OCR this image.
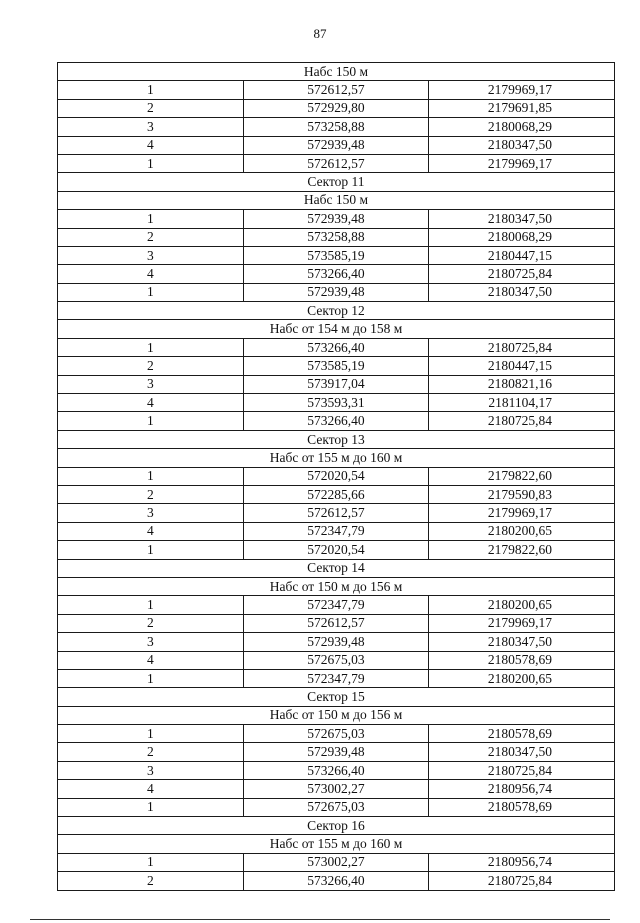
87
Набс 150 м		
1	572612,57	2179969,17
2	572929,80	2179691,85
3	573258,88	2180068,29
4	572939,48	2180347,50
1	572612,57	2179969,17
Сектор 11		
Набс 150 м		
1	572939,48	2180347,50
2	573258,88	2180068,29
3	573585,19	2180447,15
4	573266,40	2180725,84
1	572939,48	2180347,50
Сектор 12		
Набс от 154 м до 158 м		
1	573266,40	2180725,84
2	573585,19	2180447,15
3	573917,04	2180821,16
4	573593,31	2181104,17
1	573266,40	2180725,84
Сектор 13		
Набс от 155 м до 160 м		
1	572020,54	2179822,60
2	572285,66	2179590,83
3	572612,57	2179969,17
4	572347,79	2180200,65
1	572020,54	2179822,60
Сектор 14		
Набс от 150 м до 156 м		
1	572347,79	2180200,65
2	572612,57	2179969,17
3	572939,48	2180347,50
4	572675,03	2180578,69
1	572347,79	2180200,65
Сектор 15		
Набс от 150 м до 156 м		
1	572675,03	2180578,69
2	572939,48	2180347,50
3	573266,40	2180725,84
4	573002,27	2180956,74
1	572675,03	2180578,69
Сектор 16		
Набс от 155 м до 160 м		
1	573002,27	2180956,74
2	573266,40	2180725,84
